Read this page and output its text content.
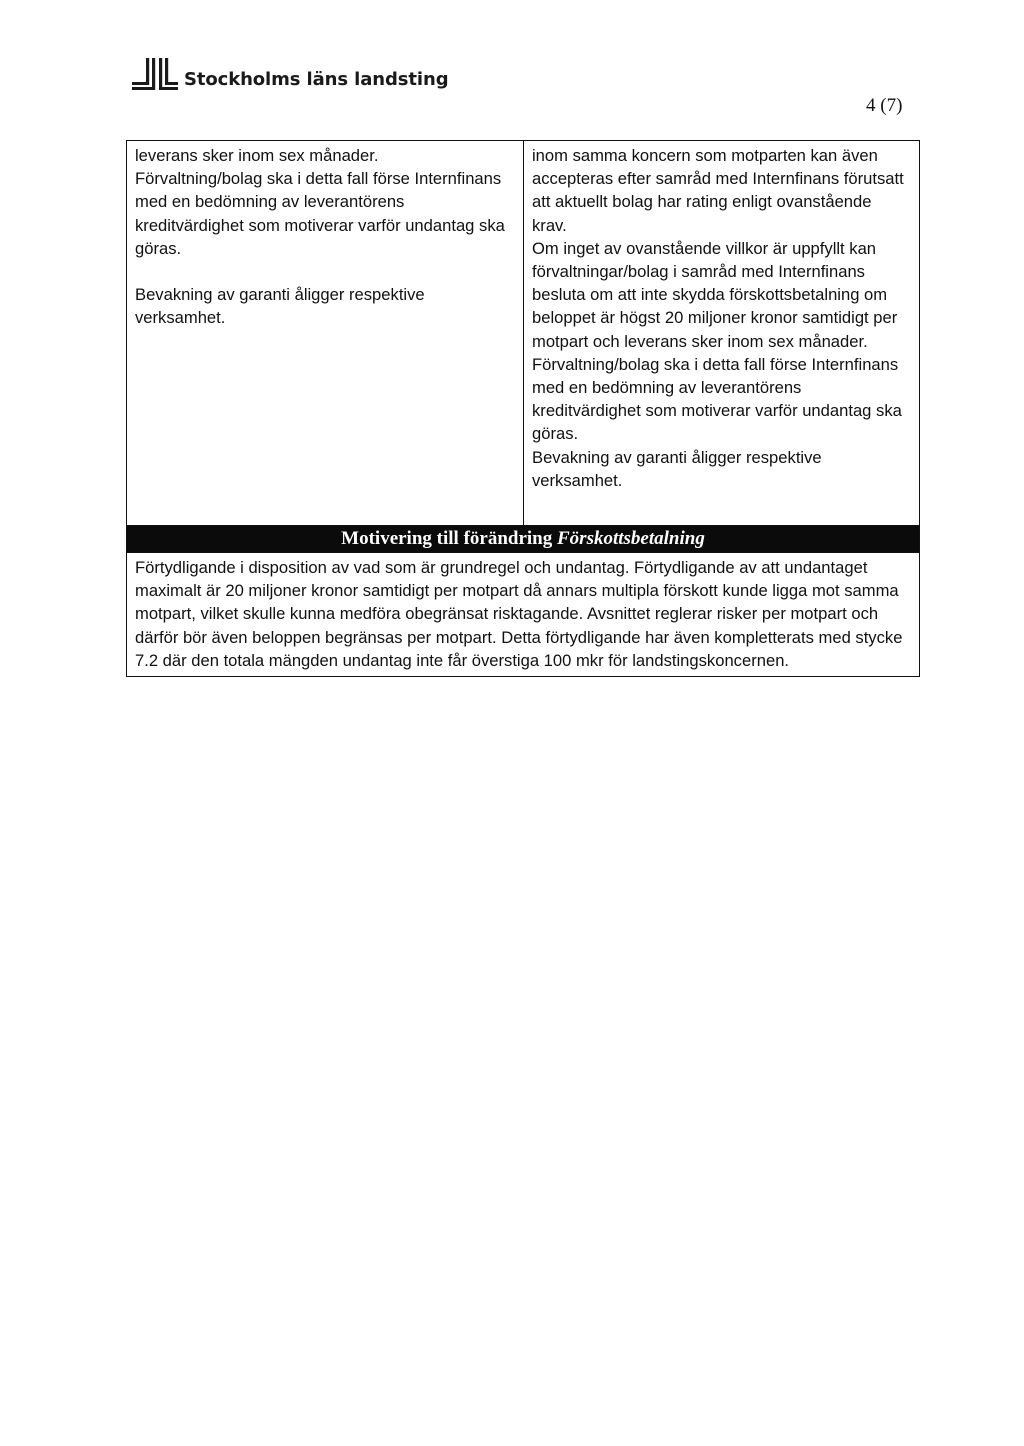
Stockholms läns landsting
4 (7)

leverans sker inom sex månader.

Förvaltning/bolag ska i detta fall förse Internfinans med en bedömning av leverantörens kreditvärdighet som motiverar varför undantag ska göras.

Bevakning av garanti åligger respektive verksamhet.

inom samma koncern som motparten kan även accepteras efter samråd med Internfinans förutsatt att aktuellt bolag har rating enligt ovanstående krav.

Om inget av ovanstående villkor är uppfyllt kan förvaltningar/bolag i samråd med Internfinans besluta om att inte skydda förskottsbetalning om beloppet är högst 20 miljoner kronor samtidigt per motpart och leverans sker inom sex månader.

Förvaltning/bolag ska i detta fall förse Internfinans med en bedömning av leverantörens kreditvärdighet som motiverar varför undantag ska göras.

Bevakning av garanti åligger respektive verksamhet.

Motivering till förändring Förskottsbetalning
Förtydligande i disposition av vad som är grundregel och undantag. Förtydligande av att undantaget maximalt är 20 miljoner kronor samtidigt per motpart då annars multipla förskott kunde ligga mot samma motpart, vilket skulle kunna medföra obegränsat risktagande. Avsnittet reglerar risker per motpart och därför bör även beloppen begränsas per motpart. Detta förtydligande har även kompletterats med stycke 7.2 där den totala mängden undantag inte får överstiga 100 mkr för landstingskoncernen.
